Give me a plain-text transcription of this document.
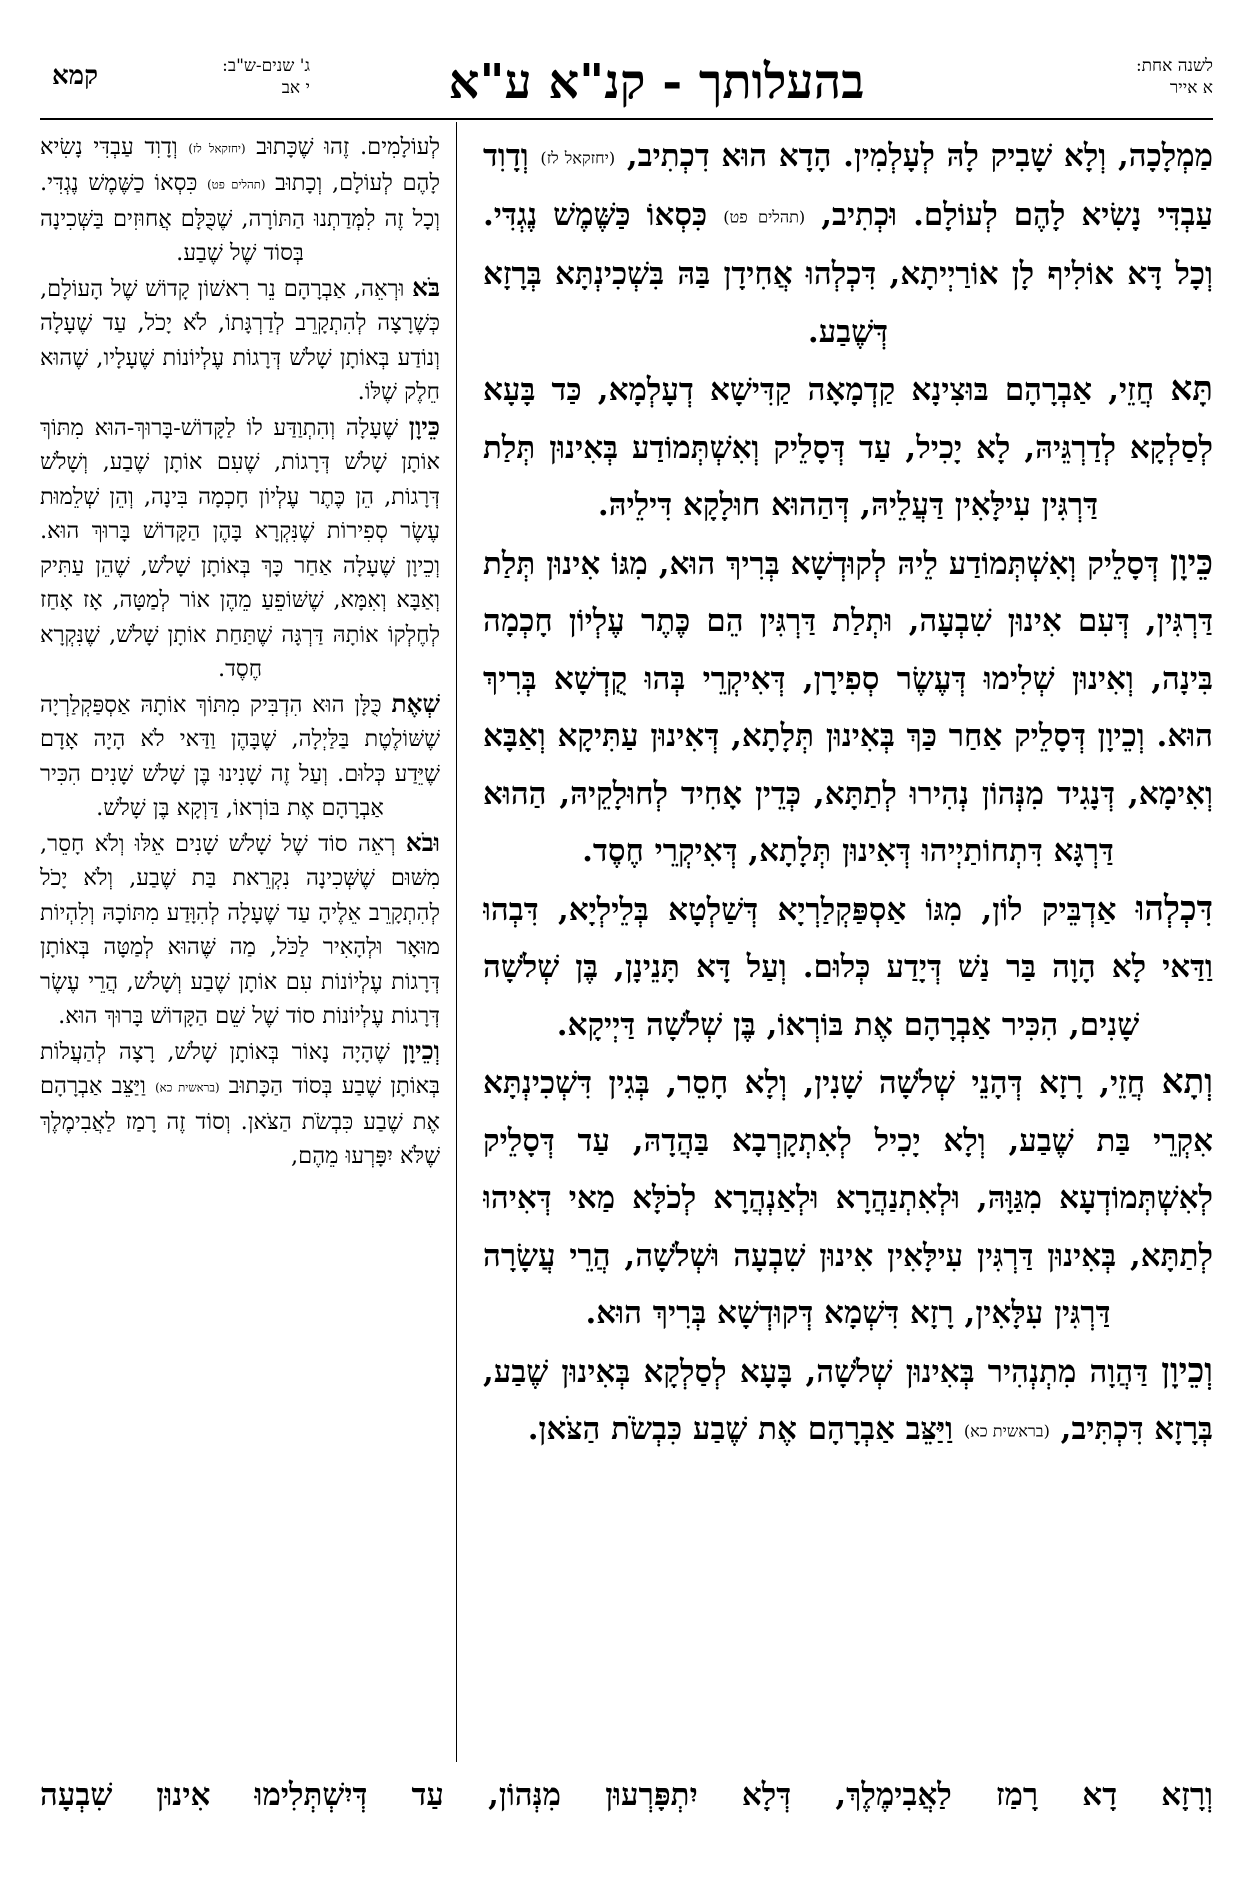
לשנה אחת:
א אייר
בהעלותך - קנ"א ע"א
ג' שנים-ש"ב:
י אב
קמא

מַמְלָכָה, וְלָא שָׁבִיק לָהּ לְעָלְמִין. הָדָא הוּא דִכְתִיב, (יחזקאל לז) וְדָוִד עַבְדִּי נָשִׂיא לָהֶם לְעוֹלָם. וּכְתִיב, (תהלים פט) כִּסְאוֹ כַּשֶּׁמֶשׁ נֶגְדִּי. וְכָל דָּא אוֹלִיף לָן אוֹרַיְיתָא, דִּכְלְהוּ אֲחִידָן בַּהּ בִּשְׁכִינְתָּא בְּרָזָא דְּשֶׁבַע.

תָּא חֲזֵי, אַבְרָהָם בּוּצִינָא קַדְמָאָה קַדִּישָׁא דְעָלְמָא, כַּד בָּעָא לְסַלְקָא לְדַרְגֵּיהּ, לָא יָכִיל, עַד דְּסָלֵיק וְאִשְׁתְּמוֹדַע בְּאִינוּן תְּלַת דַּרְגִּין עִילָּאִין דַּעֲלֵיהּ, דְּהַהוּא חוּלָקָא דִּילֵיהּ.

כֵּיוָן דְּסָלֵיק וְאִשְׁתְּמוֹדַע לֵיהּ לְקוּדְשָׁא בְּרִיךְ הוּא, מִגּוֹ אִינוּן תְּלַת דַּרְגִּין, דְּעִם אִינוּן שִׁבְעָה, וּתְלַת דַּרְגִּין הֵם כֶּתֶר עֶלְיוֹן חָכְמָה בִּינָה, וְאִינוּן שְׁלִימוּ דְּעֶשֶׂר סְפִירָן, דְּאִיקְרֵי בְּהוּ קֻדְשָׁא בְּרִיךְ הוּא. וְכֵיוָן דְּסָלֵיק אַחַר כַּךְ בְּאִינוּן תְּלָתָא, דְּאִינוּן עַתִּיקָא וְאַבָּא וְאִימָא, דְּנָגִיד מִנְּהוֹן נְהִירוּ לְתַתָּא, כְּדֵין אָחִיד לְחוּלָקֵיהּ, הַהוּא דַּרְגָּא דִּתְחוֹתַיְיהוּ דְּאִינוּן תְּלָתָא, דְּאִיקְרֵי חֶסֶד.

דִּכְלְהוּ אַדְבֵּיק לוֹן, מִגּוֹ אַסְפַּקְלַרְיָא דְּשַׁלְטָא בְּלֵילְיָא, דִּבְהוּ וַדַּאי לָא הָוָה בַּר נַשׁ דְּיָדַע כְּלוּם. וְעַל דָּא תָּנֵינָן, בֶּן שְׁלֹשָׁה שָׁנִים, הִכִּיר אַבְרָהָם אֶת בּוֹרְאוֹ, בֶּן שְׁלֹשָׁה דַּיְיקָא.

וְתָא חֲזֵי, רָזָא דְּהָנֵי שְׁלֹשָׁה שָׁנִין, וְלָא חָסֵר, בְּגִין דִּשְׁכִינְתָּא אִקְרֵי בַּת שֶׁבַע, וְלָא יָכִיל לְאִתְקָרְבָא בַּהֲדָהּ, עַד דְּסָלֵיק לְאִשְׁתְּמוֹדְעָא מִגַּוָּהּ, וּלְאִתְנַהֲרָא וּלְאַנְהֲרָא לְכֹלָּא מַאי דְּאִיהוּ לְתַתָּא, בְּאִינוּן דַּרְגִּין עִילָּאִין אִינוּן שִׁבְעָה וּשְׁלֹשָׁה, הֲרֵי עֲשָׂרָה דַּרְגִּין עִלָּאִין, רָזָא דִּשְׁמָא דְּקוּדְשָׁא בְּרִיךְ הוּא.

וְכֵיוָן דַּהֲוָה מִתְנְהִיר בְּאִינוּן שְׁלֹשָׁה, בָּעָא לְסַלְקָא בְּאִינוּן שֶׁבַע, בְּרָזָא דִּכְתִּיב, (בראשית כא) וַיַּצֵּב אַבְרָהָם אֶת שֶׁבַע כִּבְשֹׂת הַצֹּאן.

לְעוֹלָמִים. זֶהוּ שֶׁכָּתוּב (יחזקאל לז) וְדָוִד עַבְדִּי נָשִׂיא לָהֶם לְעוֹלָם, וְכָתוּב (תהלים פט) כִּסְאוֹ כַשֶּׁמֶשׁ נֶגְדִּי. וְכָל זֶה לִמְּדַתְנוּ הַתּוֹרָה, שֶׁכֻּלָּם אֲחוּזִים בַּשְּׁכִינָה בְּסוֹד שֶׁל שֶׁבַע.

בֹּא וּרְאֵה, אַבְרָהָם נֵר רִאשׁוֹן קָדוֹשׁ שֶׁל הָעוֹלָם, כְּשֶׁרָצָה לְהִתְקָרֵב לְדַרְגָּתוֹ, לֹא יָכֹל, עַד שֶׁעָלָה וְנוֹדַע בְּאוֹתָן שָׁלֹשׁ דְּרָגוֹת עֶלְיוֹנוֹת שֶׁעָלָיו, שֶׁהוּא חֵלֶק שֶׁלּוֹ.

כֵּיוָן שֶׁעָלָה וְהִתְוַדַּע לוֹ לַקָּדוֹשׁ-בָּרוּךְ-הוּא מִתּוֹךְ אוֹתָן שָׁלֹשׁ דְּרָגוֹת, שֶׁעִם אוֹתָן שֶׁבַע, וְשָׁלֹשׁ דְּרָגוֹת, הֵן כֶּתֶר עֶלְיוֹן חָכְמָה בִּינָה, וְהֵן שְׁלֵמוּת עֶשֶׂר סְפִירוֹת שֶׁנִּקְרָא בָּהֶן הַקָּדוֹשׁ בָּרוּךְ הוּא. וְכֵיוָן שֶׁעָלָה אַחַר כָּךְ בְּאוֹתָן שָׁלֹשׁ, שֶׁהֵן עַתִּיק וְאַבָּא וְאִמָּא, שֶׁשּׁוֹפֵעַ מֵהֶן אוֹר לְמַטָּה, אָז אָחַז לְחֶלְקוֹ אוֹתָהּ דַּרְגָּה שֶׁתַּחַת אוֹתָן שָׁלֹשׁ, שֶׁנִּקְרָא חֶסֶד.

שְׁאֶת כֻּלָּן הוּא הִדְבִּיק מִתּוֹךְ אוֹתָהּ אַסְפַּקְלַרְיָה שֶׁשּׁוֹלֶטֶת בַּלַּיְלָה, שֶׁבָּהֶן וַדַּאי לֹא הָיָה אָדָם שֶׁיֵּדַע כְּלוּם. וְעַל זֶה שָׁנִינוּ בֶּן שָׁלֹשׁ שָׁנִים הִכִּיר אַבְרָהָם אֶת בּוֹרְאוֹ, דַּוְקָא בֶּן שָׁלֹשׁ.

וּבֹא רְאֵה סוֹד שֶׁל שָׁלֹשׁ שָׁנִים אֵלּוּ וְלֹא חָסֵר, מִשּׁוּם שֶׁשְּׁכִינָה נִקְרֵאת בַּת שֶׁבַע, וְלֹא יָכֹל לְהִתְקָרֵב אֵלֶיהָ עַד שֶׁעָלָה לְהִוָּדַע מִתּוֹכָהּ וְלִהְיוֹת מוּאָר וּלְהָאִיר לַכֹּל, מַה שֶּׁהוּא לְמַטָּה בְּאוֹתָן דְּרָגוֹת עֶלְיוֹנוֹת עִם אוֹתָן שֶׁבַע וְשָׁלֹשׁ, הֲרֵי עֶשֶׂר דְּרָגוֹת עֶלְיוֹנוֹת סוֹד שֶׁל שֵׁם הַקָּדוֹשׁ בָּרוּךְ הוּא.

וְכֵיוָן שֶׁהָיָה נָאוֹר בְּאוֹתָן שָׁלֹשׁ, רָצָה לְהַעֲלוֹת בְּאוֹתָן שֶׁבַע בְּסוֹד הַכָּתוּב (בראשית כא) וַיַּצֵּב אַבְרָהָם אֶת שֶׁבַע כִּבְשֹׂת הַצֹּאן. וְסוֹד זֶה רָמַז לַאֲבִימֶלֶךְ שֶׁלֹּא יִפָּרְעוּ מֵהֶם,

וְרָזָא דָא רָמַז לַאֲבִימֶלֶךְ, דְּלָא יִתְפָּרְעוּן מִנְּהוֹן, עַד דְּיִשְׁתְּלִימוּ אִינוּן שִׁבְעָה
